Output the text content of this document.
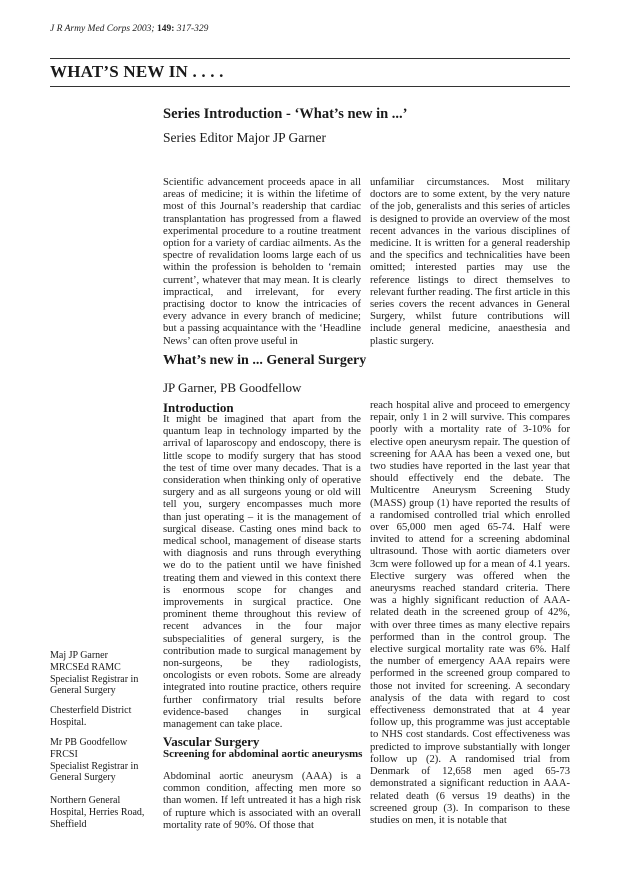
J R Army Med Corps 2003; 149: 317-329
WHAT’S NEW IN . . . .
Series Introduction - ‘What’s new in ...’
Series Editor Major JP Garner

Scientific advancement proceeds apace in all areas of medicine; it is within the lifetime of most of this Journal’s readership that cardiac transplantation has progressed from a flawed experimental procedure to a routine treatment option for a variety of cardiac ailments. As the spectre of revalidation looms large each of us within the profession is beholden to ‘remain current’, whatever that may mean. It is clearly impractical, and irrelevant, for every practising doctor to know the intricacies of every advance in every branch of medicine; but a passing acquaintance with the ‘Headline News’ can often prove useful in

unfamiliar circumstances. Most military doctors are to some extent, by the very nature of the job, generalists and this series of articles is designed to provide an overview of the most recent advances in the various disciplines of medicine. It is written for a general readership and the specifics and technicalities have been omitted; interested parties may use the reference listings to direct themselves to relevant further reading. The first article in this series covers the recent advances in General Surgery, whilst future contributions will include general medicine, anaesthesia and plastic surgery.

What’s new in ... General Surgery
JP Garner, PB Goodfellow
Introduction

It might be imagined that apart from the quantum leap in technology imparted by the arrival of laparoscopy and endoscopy, there is little scope to modify surgery that has stood the test of time over many decades. That is a consideration when thinking only of operative surgery and as all surgeons young or old will tell you, surgery encompasses much more than just operating – it is the management of surgical disease. Casting ones mind back to medical school, management of disease starts with diagnosis and runs through everything we do to the patient until we have finished treating them and viewed in this context there is enormous scope for changes and improvements in surgical practice. One prominent theme throughout this review of recent advances in the four major subspecialities of general surgery, is the contribution made to surgical management by non-surgeons, be they radiologists, oncologists or even robots. Some are already integrated into routine practice, others require further confirmatory trial results before evidence-based changes in surgical management can take place.

Vascular Surgery
Screening for abdominal aortic aneurysms

Abdominal aortic aneurysm (AAA) is a common condition, affecting men more so than women. If left untreated it has a high risk of rupture which is associated with an overall mortality rate of 90%. Of those that

reach hospital alive and proceed to emergency repair, only 1 in 2 will survive. This compares poorly with a mortality rate of 3-10% for elective open aneurysm repair. The question of screening for AAA has been a vexed one, but two studies have reported in the last year that should effectively end the debate. The Multicentre Aneurysm Screening Study (MASS) group (1) have reported the results of a randomised controlled trial which enrolled over 65,000 men aged 65-74. Half were invited to attend for a screening abdominal ultrasound. Those with aortic diameters over 3cm were followed up for a mean of 4.1 years. Elective surgery was offered when the aneurysms reached standard criteria. There was a highly significant reduction of AAA-related death in the screened group of 42%, with over three times as many elective repairs performed than in the control group. The elective surgical mortality rate was 6%. Half the number of emergency AAA repairs were performed in the screened group compared to those not invited for screening. A secondary analysis of the data with regard to cost effectiveness demonstrated that at 4 year follow up, this programme was just acceptable to NHS cost standards. Cost effectiveness was predicted to improve substantially with longer follow up (2). A randomised trial from Denmark of 12,658 men aged 65-73 demonstrated a significant reduction in AAA-related death (6 versus 19 deaths) in the screened group (3). In comparison to these studies on men, it is notable that

Maj JP Garner
MRCSEd RAMC
Specialist Registrar in
General Surgery

Chesterfield District
Hospital.

Mr PB Goodfellow
FRCSI
Specialist Registrar in
General Surgery

Northern General
Hospital, Herries Road,
Sheffield
